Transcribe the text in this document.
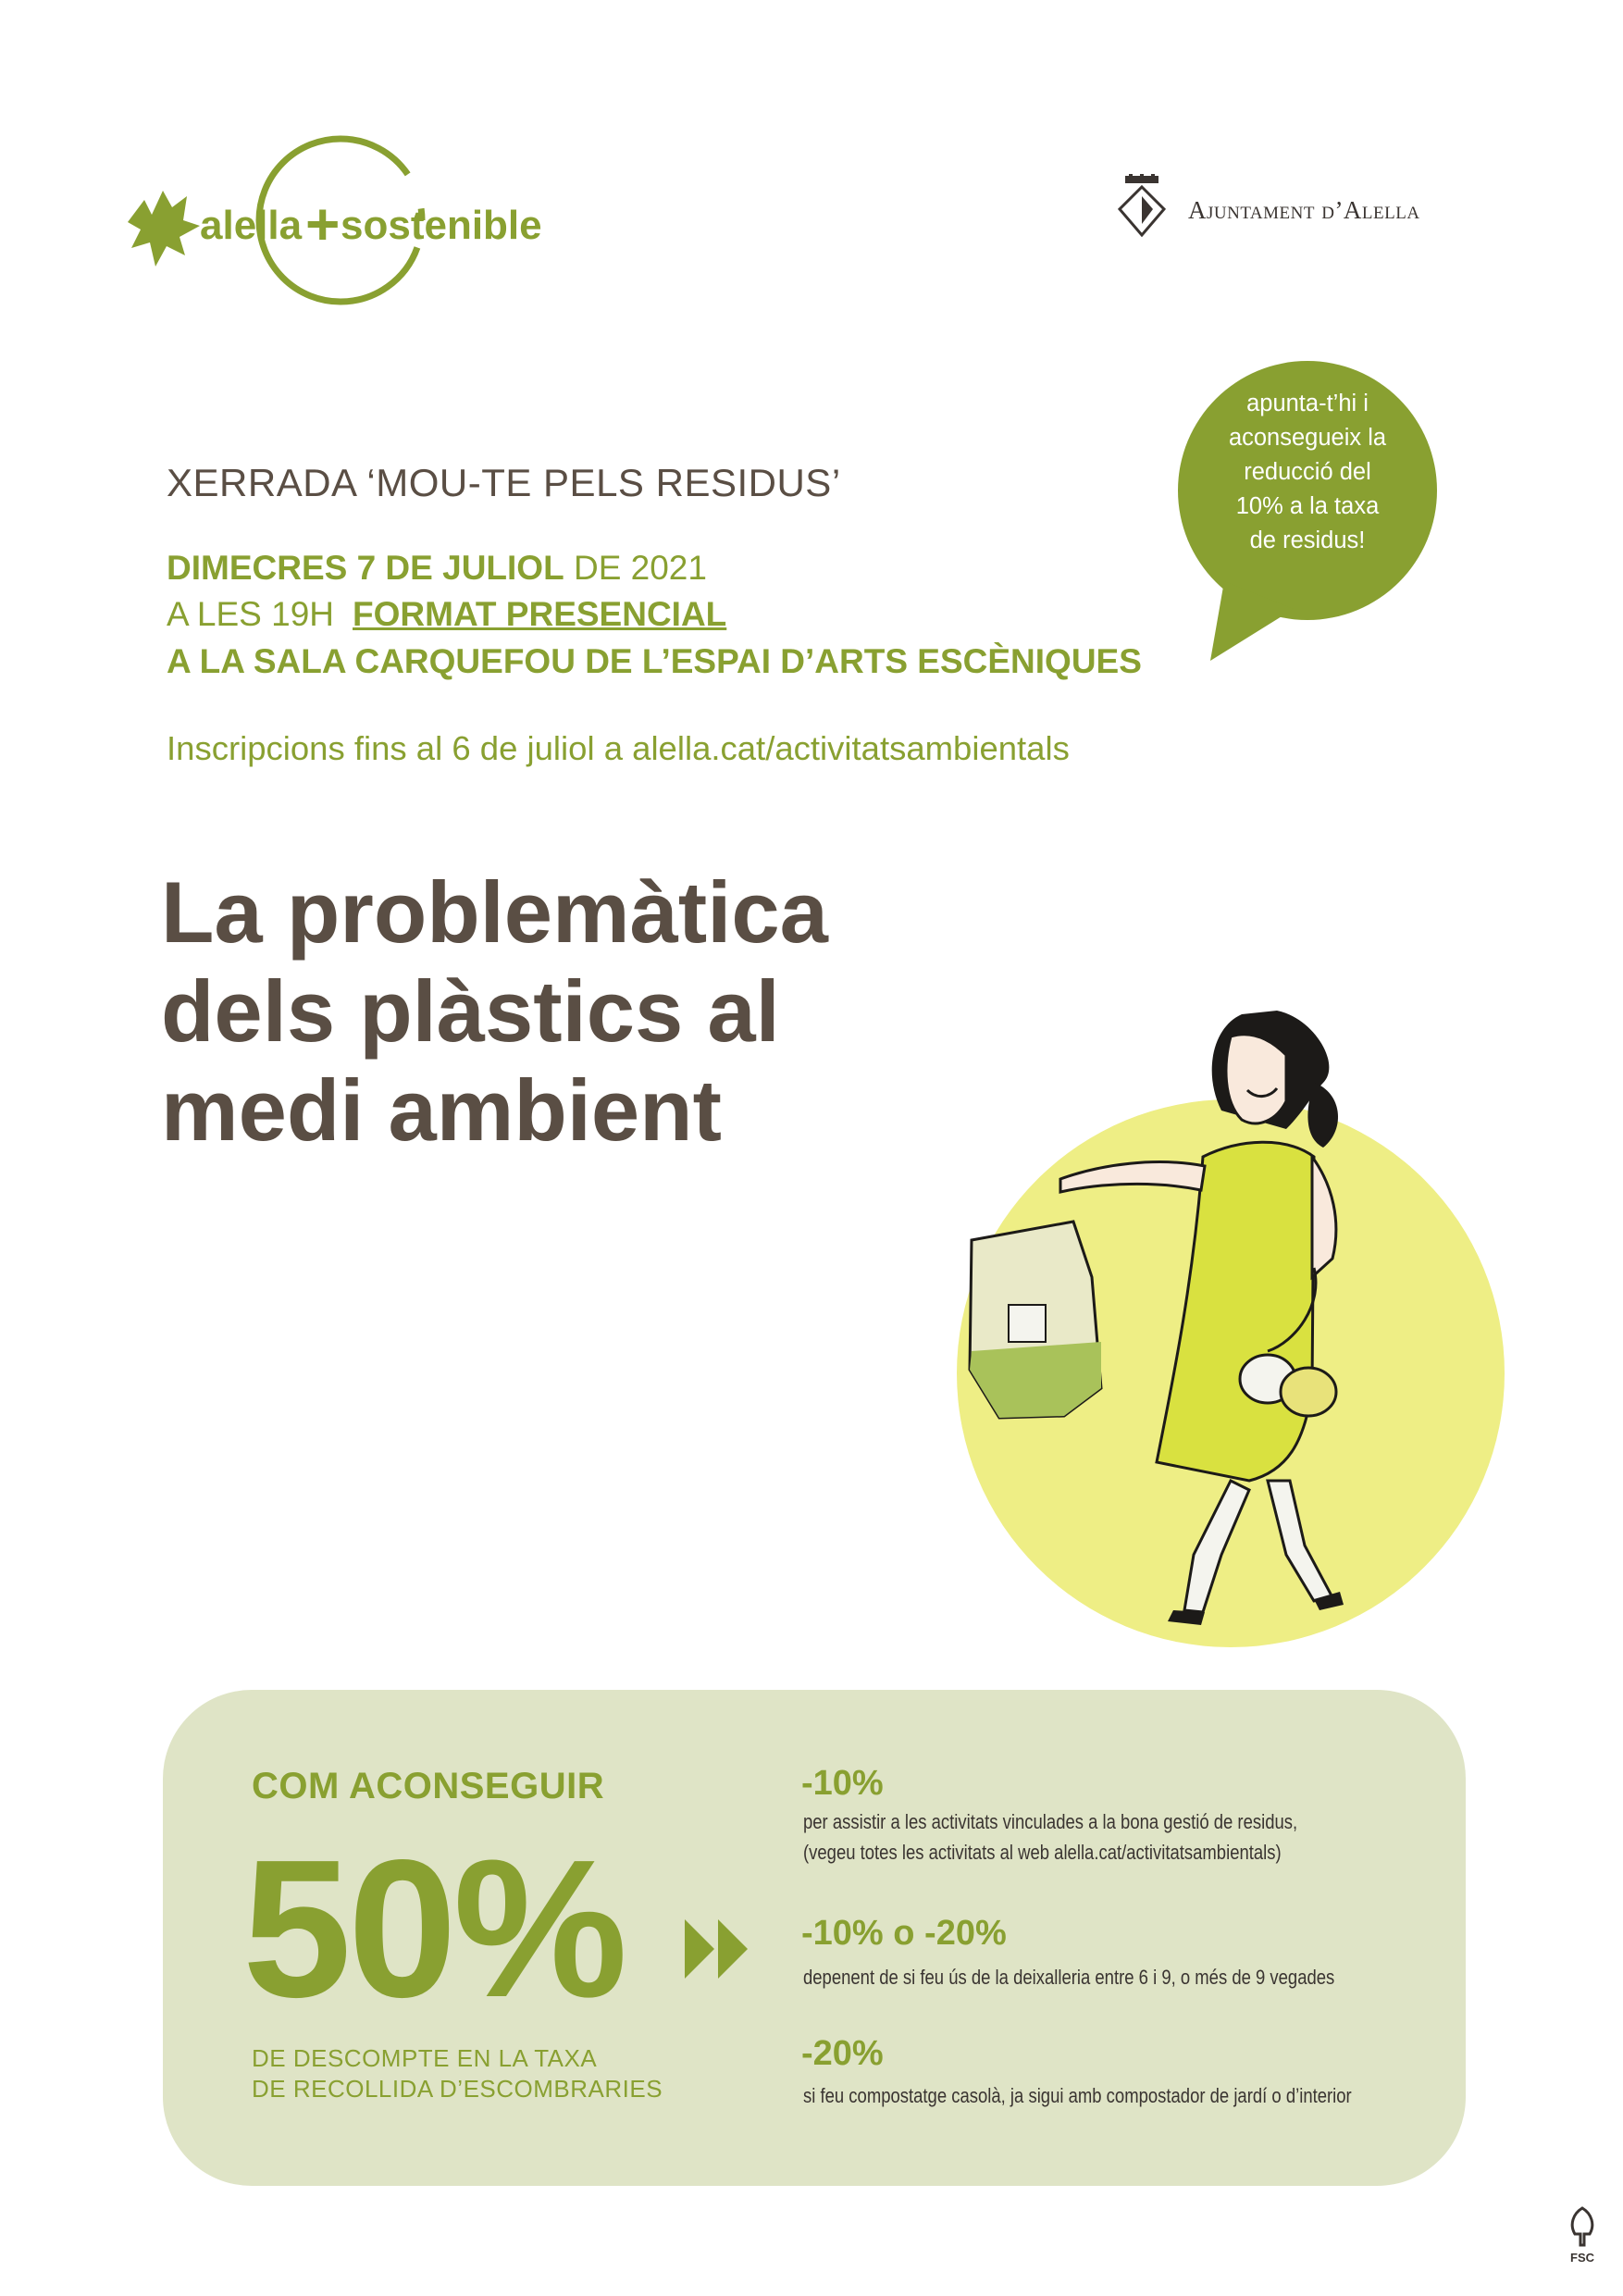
alella + sostenible	Ajuntament d’Alella
apunta-t’hi i
aconsegueix la
reducció del
10% a la taxa
de residus!
XERRADA ‘MOU-TE PELS RESIDUS’
DIMECRES 7 DE JULIOL DE 2021
A LES 19H FORMAT PRESENCIAL
A LA SALA CARQUEFOU DE L’ESPAI D’ARTS ESCÈNIQUES
Inscripcions fins al 6 de juliol a alella.cat/activitatsambientals
La problemàtica
dels plàstics al
medi ambient
COM ACONSEGUIR
50%
DE DESCOMPTE EN LA TAXA
DE RECOLLIDA D’ESCOMBRARIES
-10%
per assistir a les activitats vinculades a la bona gestió de residus,
(vegeu totes les activitats al web alella.cat/activitatsambientals)
-10% o -20%
depenent de si feu ús de la deixalleria entre 6 i 9, o més de 9 vegades
-20%
si feu compostatge casolà, ja sigui amb compostador de jardí o d’interior
FSC
